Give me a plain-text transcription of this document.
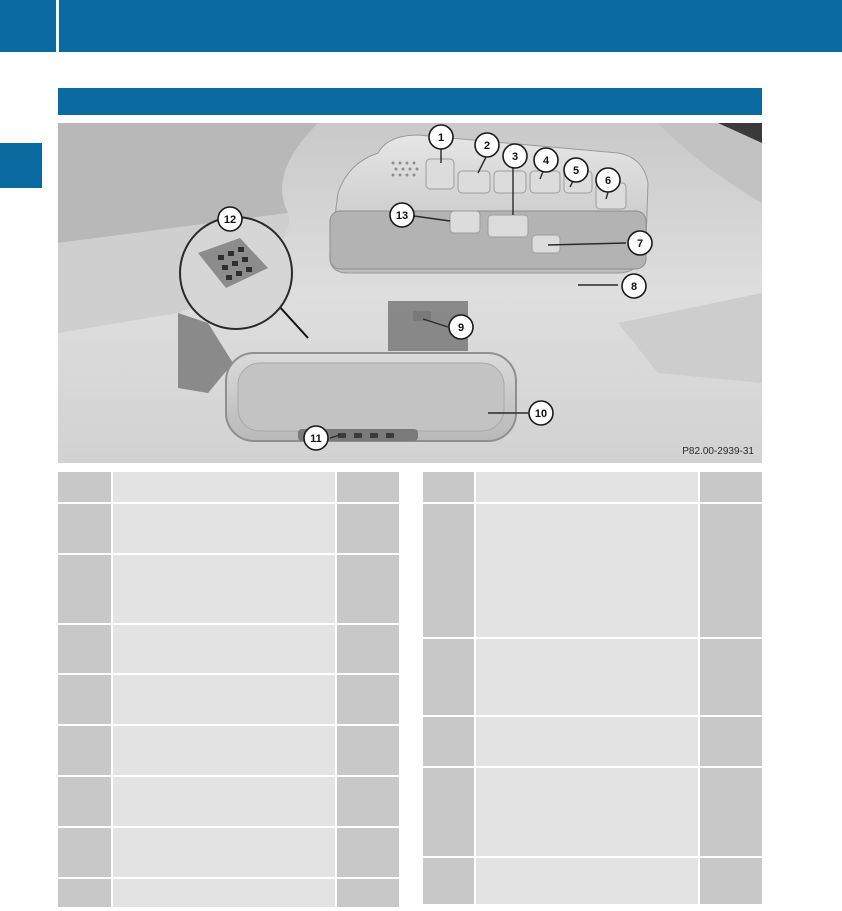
1
2
3 4
5
6
7
8
9
10
11
12	13
P82.00-2939-31
